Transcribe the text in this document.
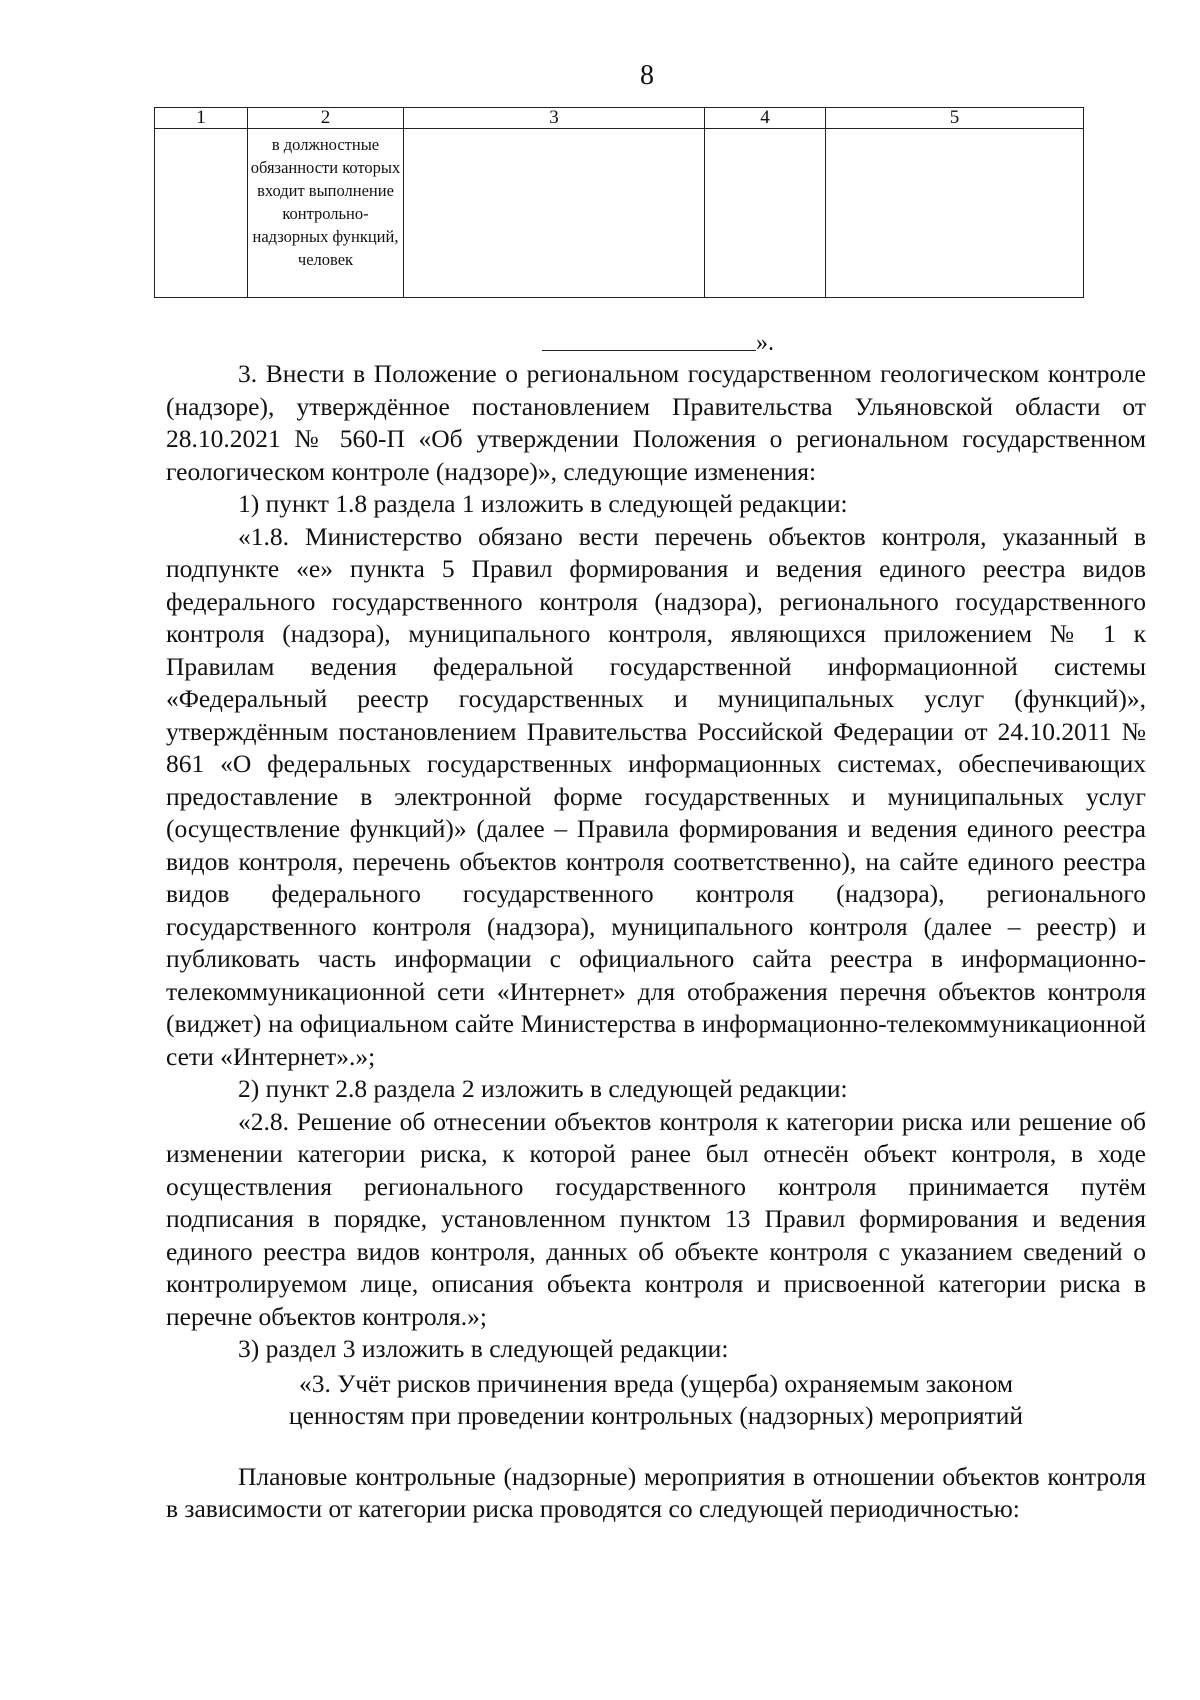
8
1	2	3	4	5
	в должностные обязанности которых входит выполнение контрольно-надзорных функций, человек			
».

3. Внести в Положение о региональном государственном геологическом контроле (надзоре), утверждённое постановлением Правительства Ульяновской области от 28.10.2021 № 560-П «Об утверждении Положения о региональном государственном геологическом контроле (надзоре)», следующие изменения:

1) пункт 1.8 раздела 1 изложить в следующей редакции:

«1.8. Министерство обязано вести перечень объектов контроля, указанный в подпункте «е» пункта 5 Правил формирования и ведения единого реестра видов федерального государственного контроля (надзора), регионального государственного контроля (надзора), муниципального контроля, являющихся приложением № 1 к Правилам ведения федеральной государственной информационной системы «Федеральный реестр государственных и муниципальных услуг (функций)», утверждённым постановлением Правительства Российской Федерации от 24.10.2011 № 861 «О федеральных государственных информационных системах, обеспечивающих предоставление в электронной форме государственных и муниципальных услуг (осуществление функций)» (далее – Правила формирования и ведения единого реестра видов контроля, перечень объектов контроля соответственно), на сайте единого реестра видов федерального государственного контроля (надзора), регионального государственного контроля (надзора), муниципального контроля (далее – реестр) и публиковать часть информации с официального сайта реестра в информационно-телекоммуникационной сети «Интернет» для отображения перечня объектов контроля (виджет) на официальном сайте Министерства в информационно-телекоммуникационной сети «Интернет».»;

2) пункт 2.8 раздела 2 изложить в следующей редакции:

«2.8. Решение об отнесении объектов контроля к категории риска или решение об изменении категории риска, к которой ранее был отнесён объект контроля, в ходе осуществления регионального государственного контроля принимается путём подписания в порядке, установленном пунктом 13 Правил формирования и ведения единого реестра видов контроля, данных об объекте контроля с указанием сведений о контролируемом лице, описания объекта контроля и присвоенной категории риска в перечне объектов контроля.»;

3) раздел 3 изложить в следующей редакции:

«3. Учёт рисков причинения вреда (ущерба) охраняемым законом

ценностям при проведении контрольных (надзорных) мероприятий

Плановые контрольные (надзорные) мероприятия в отношении объектов контроля в зависимости от категории риска проводятся со следующей периодичностью:
